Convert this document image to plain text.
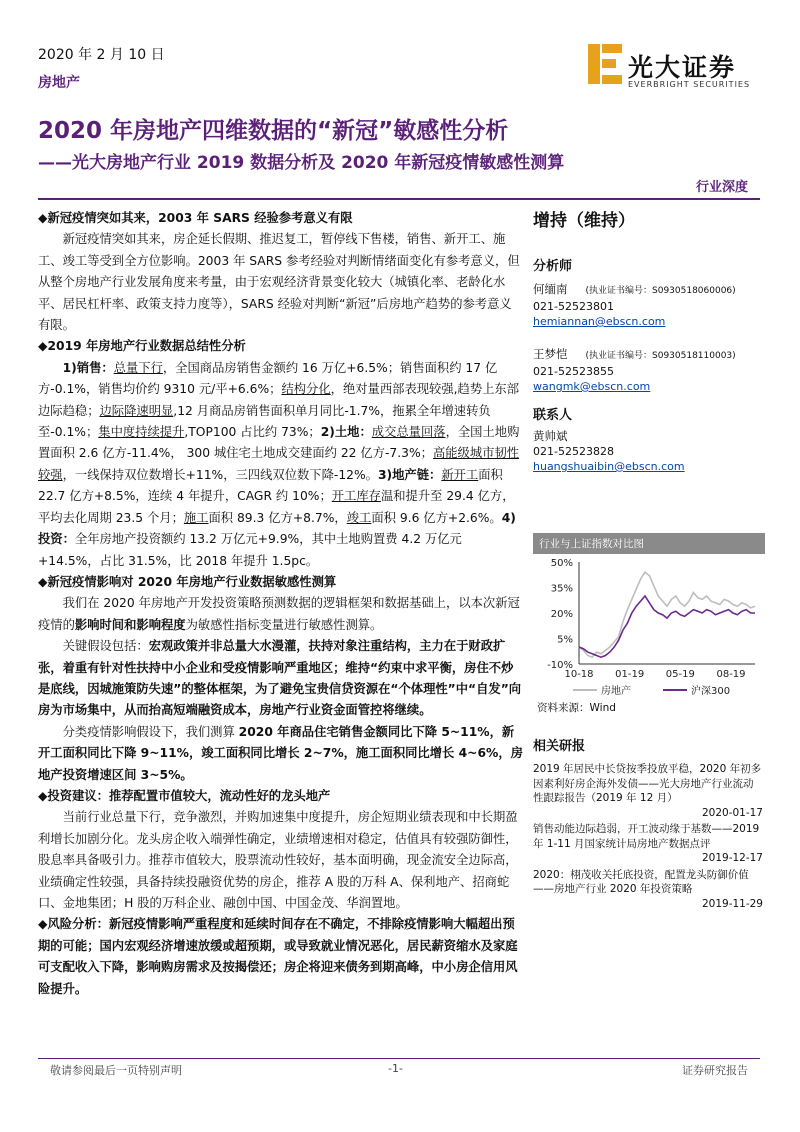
2020 年 2 月 10 日
房地产
光大证券
EVERBRIGHT SECURITIES
2020 年房地产四维数据的“新冠”敏感性分析
——光大房地产行业 2019 数据分析及 2020 年新冠疫情敏感性测算
行业深度

◆新冠疫情突如其来，2003 年 SARS 经验参考意义有限

新冠疫情突如其来，房企延长假期、推迟复工，暂停线下售楼，销售、新开工、施工、竣工等受到全方位影响。2003 年 SARS 参考经验对判断情绪面变化有参考意义，但从整个房地产行业发展角度来考量，由于宏观经济背景变化较大（城镇化率、老龄化水平、居民杠杆率、政策支持力度等），SARS 经验对判断“新冠”后房地产趋势的参考意义有限。

◆2019 年房地产行业数据总结性分析

1)销售：总量下行，全国商品房销售金额约 16 万亿+6.5%；销售面积约 17 亿方-0.1%，销售均价约 9310 元/平+6.6%；结构分化，绝对量西部表现较强,趋势上东部边际趋稳；边际降速明显,12 月商品房销售面积单月同比-1.7%，拖累全年增速转负至-0.1%；集中度持续提升,TOP100 占比约 73%；2)土地：成交总量回落，全国土地购置面积 2.6 亿方-11.4%， 300 城住宅土地成交建面约 22 亿方-7.3%；高能级城市韧性较强，一线保持双位数增长+11%，三四线双位数下降-12%。3)地产链：新开工面积 22.7 亿方+8.5%，连续 4 年提升，CAGR 约 10%；开工库存温和提升至 29.4 亿方，平均去化周期 23.5 个月；施工面积 89.3 亿方+8.7%，竣工面积 9.6 亿方+2.6%。4)投资：全年房地产投资额约 13.2 万亿元+9.9%，其中土地购置费 4.2 万亿元+14.5%，占比 31.5%，比 2018 年提升 1.5pc。

◆新冠疫情影响对 2020 年房地产行业数据敏感性测算

我们在 2020 年房地产开发投资策略预测数据的逻辑框架和数据基础上，以本次新冠疫情的影响时间和影响程度为敏感性指标变量进行敏感性测算。

关键假设包括：宏观政策并非总量大水漫灌，扶持对象注重结构，主力在于财政扩张，着重有针对性扶持中小企业和受疫情影响严重地区；维持“约束中求平衡，房住不炒是底线，因城施策防失速”的整体框架，为了避免宝贵信贷资源在“个体理性”中“自发”向房为市场集中，从而抬高短端融资成本，房地产行业资金面管控将继续。

分类疫情影响假设下，我们测算 2020 年商品住宅销售金额同比下降 5~11%，新开工面积同比下降 9~11%，竣工面积同比增长 2~7%，施工面积同比增长 4~6%，房地产投资增速区间 3~5%。

◆投资建议：推荐配置市值较大，流动性好的龙头地产

当前行业总量下行，竞争激烈，并购加速集中度提升，房企短期业绩表现和中长期盈利增长加剧分化。龙头房企收入端弹性确定，业绩增速相对稳定，估值具有较强防御性，股息率具备吸引力。推荐市值较大，股票流动性较好，基本面明确，现金流安全边际高，业绩确定性较强，具备持续投融资优势的房企，推荐 A 股的万科 A、保利地产、招商蛇口、金地集团；H 股的万科企业、融创中国、中国金茂、华润置地。

◆风险分析：新冠疫情影响严重程度和延续时间存在不确定，不排除疫情影响大幅超出预期的可能；国内宏观经济增速放缓或超预期，或导致就业情况恶化，居民薪资缩水及家庭可支配收入下降，影响购房需求及按揭偿还；房企将迎来债务到期高峰，中小房企信用风险提升。

增持（维持）
分析师
何缅南 (执业证书编号：S0930518060006)
021-52523801
hemiannan@ebscn.com
王梦恺 (执业证书编号：S0930518110003)
021-52523855
wangmk@ebscn.com
联系人
黄帅斌
021-52523828
huangshuaibin@ebscn.com
行业与上证指数对比图
50%
35%
20%
5%
-10%
10-18 01-19 05-19 08-19
房地产	沪深300
资料来源：Wind
相关研报
2019 年居民中长贷按季投放平稳，2020 年初多因素利好房企海外发债——光大房地产行业流动性跟踪报告（2019 年 12 月）
2020-01-17
销售动能边际趋弱，开工波动缘于基数——2019 年 1-11 月国家统计局房地产数据点评
2019-12-17
2020：栩茂收关托底投资，配置龙头防御价值——房地产行业 2020 年投资策略
2019-11-29
敬请参阅最后一页特别声明	-1-	证券研究报告
